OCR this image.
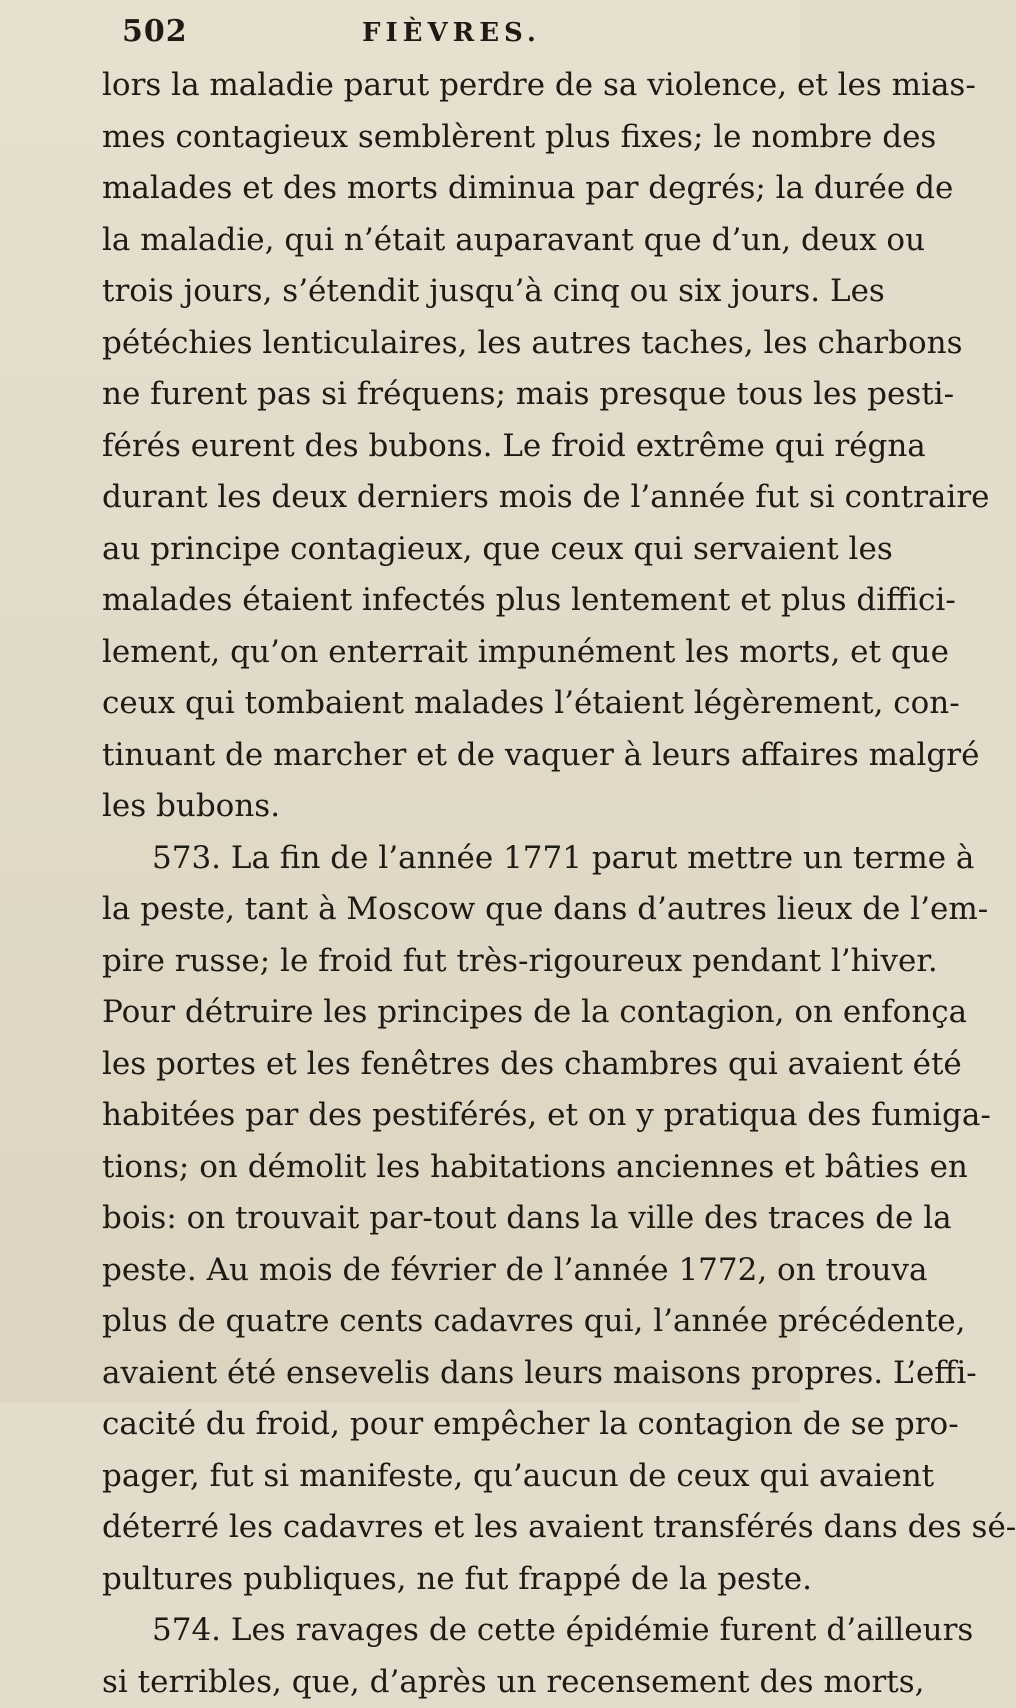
502	FIÈVRES.
lors la maladie parut perdre de sa violence, et les mias-
mes contagieux semblèrent plus fixes; le nombre des
malades et des morts diminua par degrés; la durée de
la maladie, qui n’était auparavant que d’un, deux ou
trois jours, s’étendit jusqu’à cinq ou six jours. Les
pétéchies lenticulaires, les autres taches, les charbons
ne furent pas si fréquens; mais presque tous les pesti-
férés eurent des bubons. Le froid extrême qui régna
durant les deux derniers mois de l’année fut si contraire
au principe contagieux, que ceux qui servaient les
malades étaient infectés plus lentement et plus diffici-
lement, qu’on enterrait impunément les morts, et que
ceux qui tombaient malades l’étaient légèrement, con-
tinuant de marcher et de vaquer à leurs affaires malgré
les bubons.
573. La fin de l’année 1771 parut mettre un terme à
la peste, tant à Moscow que dans d’autres lieux de l’em-
pire russe; le froid fut très-rigoureux pendant l’hiver.
Pour détruire les principes de la contagion, on enfonça
les portes et les fenêtres des chambres qui avaient été
habitées par des pestiférés, et on y pratiqua des fumiga-
tions; on démolit les habitations anciennes et bâties en
bois: on trouvait par-tout dans la ville des traces de la
peste. Au mois de février de l’année 1772, on trouva
plus de quatre cents cadavres qui, l’année précédente,
avaient été ensevelis dans leurs maisons propres. L’effi-
cacité du froid, pour empêcher la contagion de se pro-
pager, fut si manifeste, qu’aucun de ceux qui avaient
déterré les cadavres et les avaient transférés dans des sé-
pultures publiques, ne fut frappé de la peste.
574. Les ravages de cette épidémie furent d’ailleurs
si terribles, que, d’après un recensement des morts,
